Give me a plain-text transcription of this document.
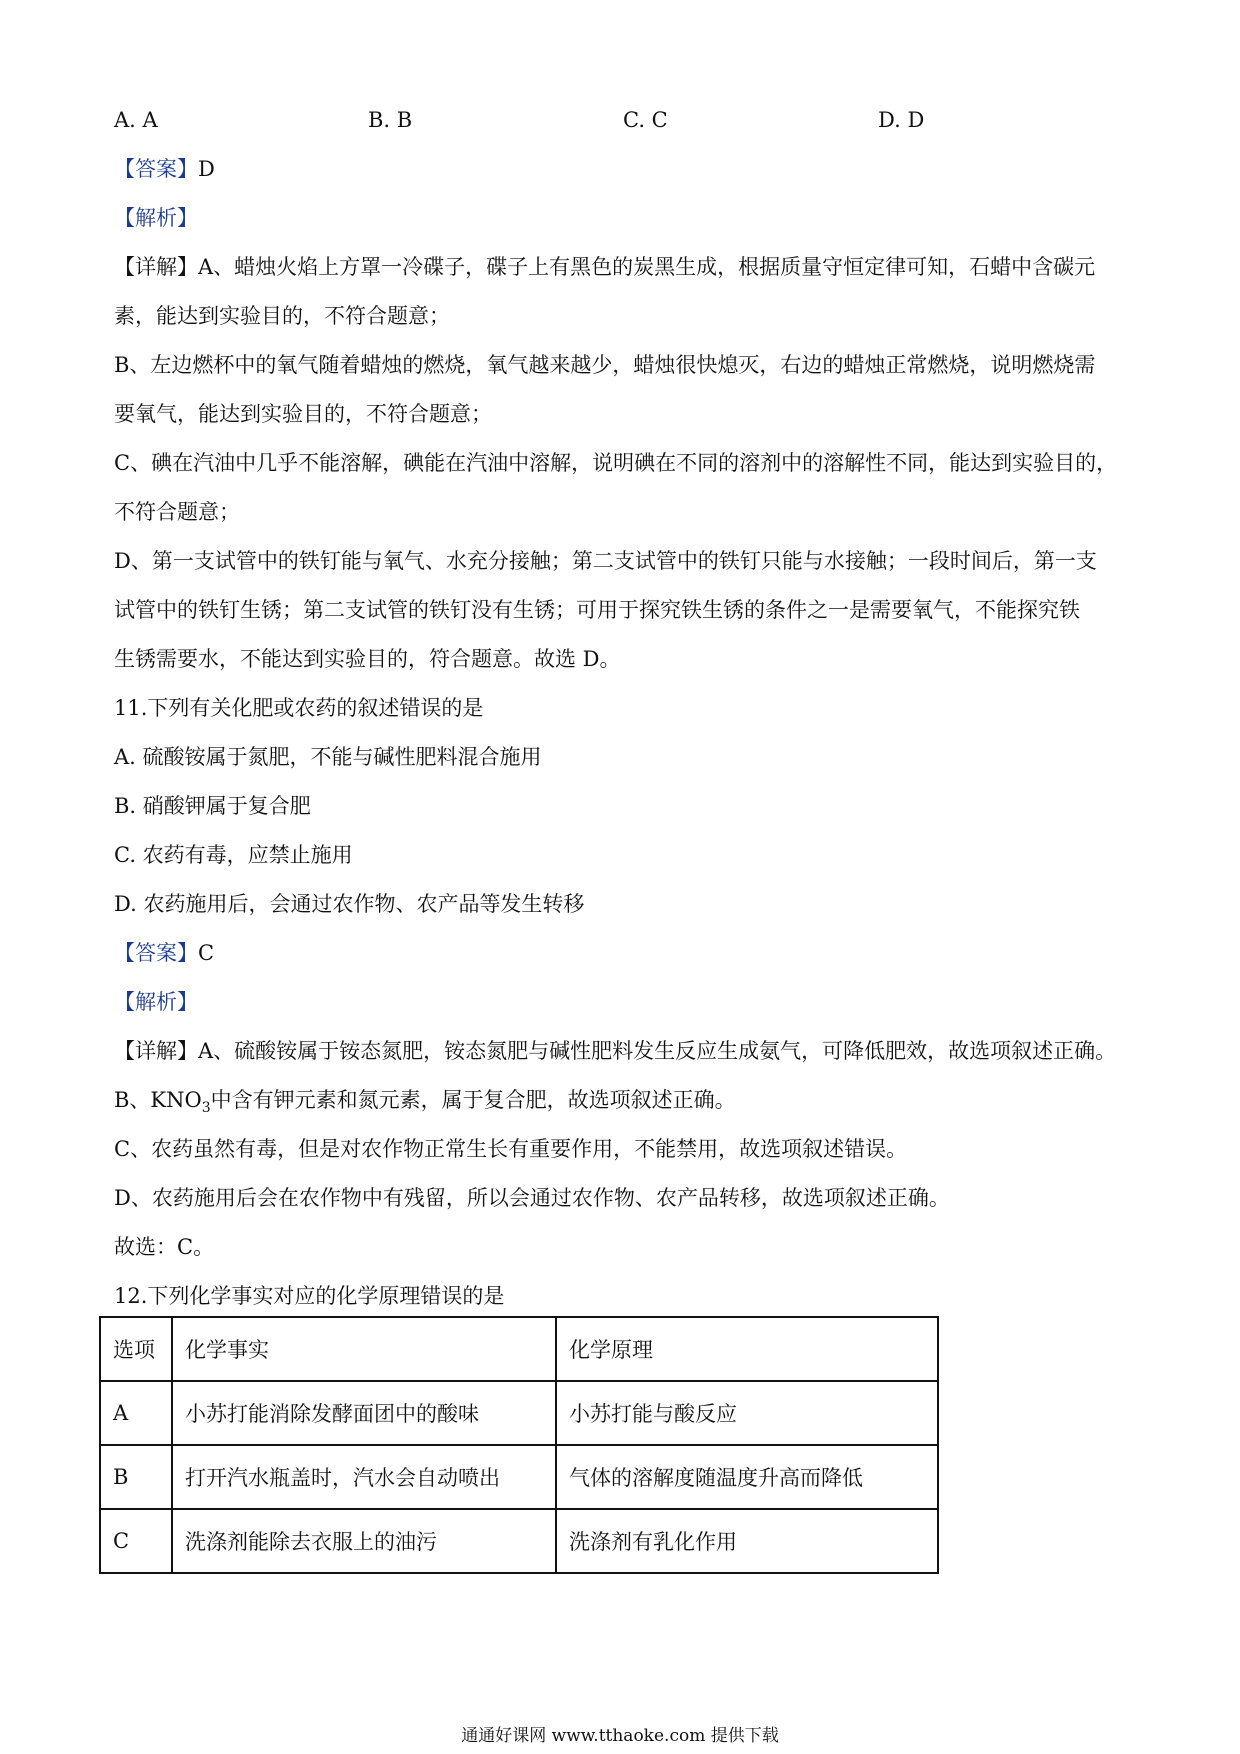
A. A	B. B	C. C	D. D
【答案】D
【解析】
【详解】A、蜡烛火焰上方罩一冷碟子，碟子上有黑色的炭黑生成，根据质量守恒定律可知，石蜡中含碳元
素，能达到实验目的，不符合题意；
B、左边燃杯中的氧气随着蜡烛的燃烧，氧气越来越少，蜡烛很快熄灭，右边的蜡烛正常燃烧，说明燃烧需
要氧气，能达到实验目的，不符合题意；
C、碘在汽油中几乎不能溶解，碘能在汽油中溶解，说明碘在不同的溶剂中的溶解性不同，能达到实验目的，
不符合题意；
D、第一支试管中的铁钉能与氧气、水充分接触；第二支试管中的铁钉只能与水接触；一段时间后，第一支
试管中的铁钉生锈；第二支试管的铁钉没有生锈；可用于探究铁生锈的条件之一是需要氧气，不能探究铁
生锈需要水，不能达到实验目的，符合题意。故选 D。
11.下列有关化肥或农药的叙述错误的是
A. 硫酸铵属于氮肥，不能与碱性肥料混合施用
B. 硝酸钾属于复合肥
C. 农药有毒，应禁止施用
D. 农药施用后，会通过农作物、农产品等发生转移
【答案】C
【解析】
【详解】A、硫酸铵属于铵态氮肥，铵态氮肥与碱性肥料发生反应生成氨气，可降低肥效，故选项叙述正确。
B、$KNO_3$中含有钾元素和氮元素，属于复合肥，故选项叙述正确。
C、农药虽然有毒，但是对农作物正常生长有重要作用，不能禁用，故选项叙述错误。
D、农药施用后会在农作物中有残留，所以会通过农作物、农产品转移，故选项叙述正确。
故选：C。
12.下列化学事实对应的化学原理错误的是
选项	化学事实	化学原理
A	小苏打能消除发酵面团中的酸味	小苏打能与酸反应
B	打开汽水瓶盖时，汽水会自动喷出	气体的溶解度随温度升高而降低
C	洗涤剂能除去衣服上的油污	洗涤剂有乳化作用
通通好课网 www.tthaoke.com 提供下载
